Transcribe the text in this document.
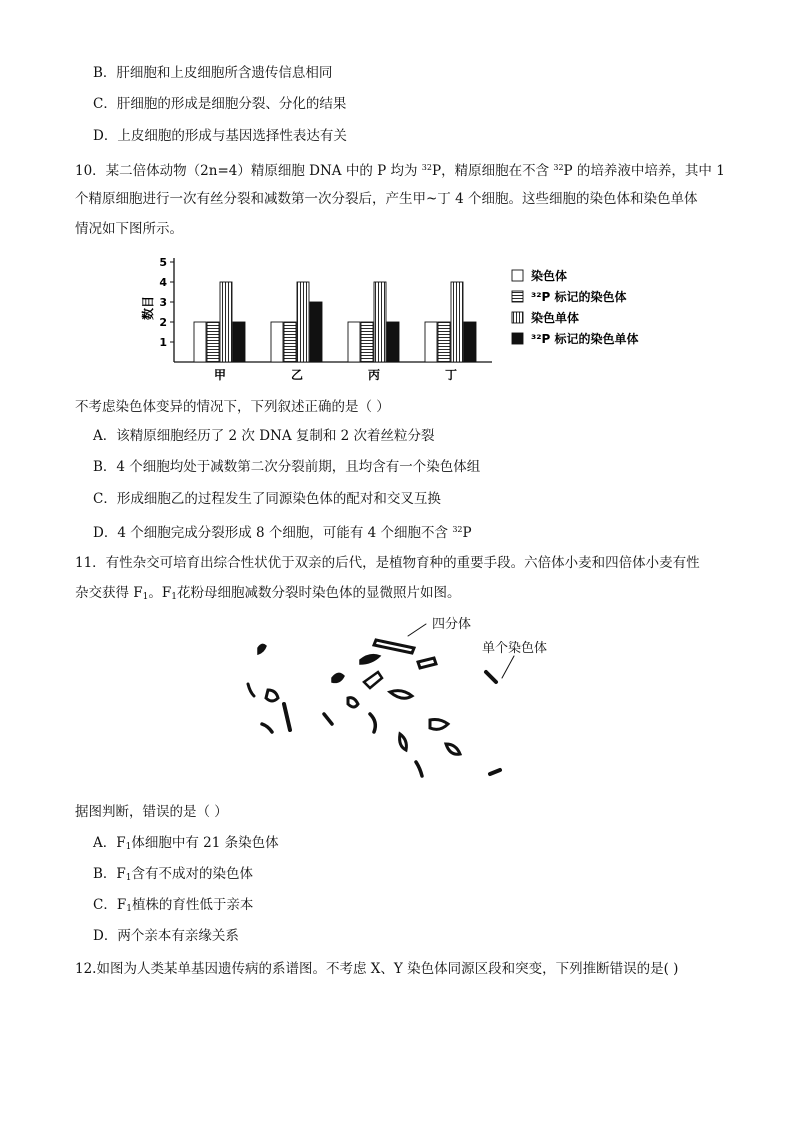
B．肝细胞和上皮细胞所含遗传信息相同
C．肝细胞的形成是细胞分裂、分化的结果
D．上皮细胞的形成与基因选择性表达有关
10．某二倍体动物（2n=4）精原细胞 DNA 中的 P 均为 $^{32}$P，精原细胞在不含 $^{32}$P 的培养液中培养，其中 1
个精原细胞进行一次有丝分裂和减数第一次分裂后，产生甲~丁 4 个细胞。这些细胞的染色体和染色单体
情况如下图所示。
1
2
3
4
5
数目
甲	乙	丙	丁
染色体
³²P 标记的染色体
染色单体
³²P 标记的染色单体
不考虑染色体变异的情况下，下列叙述正确的是（ ）
A．该精原细胞经历了 2 次 DNA 复制和 2 次着丝粒分裂
B．4 个细胞均处于减数第二次分裂前期，且均含有一个染色体组
C．形成细胞乙的过程发生了同源染色体的配对和交叉互换
D．4 个细胞完成分裂形成 8 个细胞，可能有 4 个细胞不含 $^{32}$P
11．有性杂交可培育出综合性状优于双亲的后代，是植物育种的重要手段。六倍体小麦和四倍体小麦有性
杂交获得 $F_1$。$F_1$花粉母细胞减数分裂时染色体的显微照片如图。
四分体
单个染色体
据图判断，错误的是（ ）
A．$F_1$体细胞中有 21 条染色体
B．$F_1$含有不成对的染色体
C．$F_1$植株的育性低于亲本
D．两个亲本有亲缘关系
12.如图为人类某单基因遗传病的系谱图。不考虑 X、Y 染色体同源区段和突变，下列推断错误的是( )
